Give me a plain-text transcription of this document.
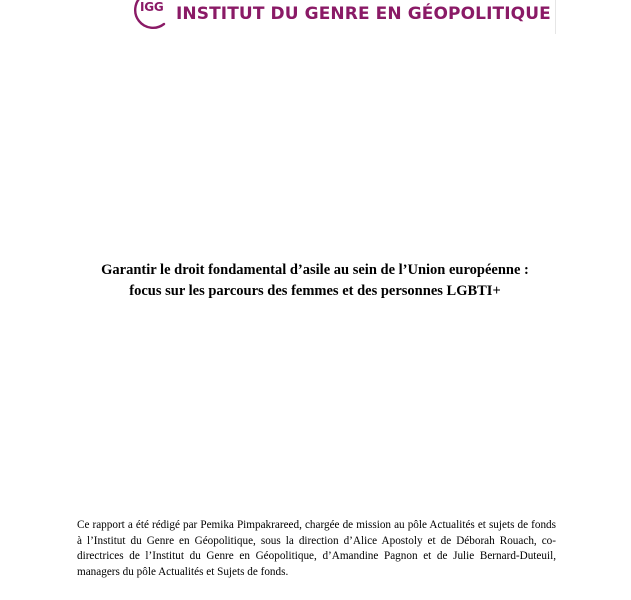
IGG INSTITUT DU GENRE EN GÉOPOLITIQUE
Garantir le droit fondamental d’asile au sein de l’Union européenne :
focus sur les parcours des femmes et des personnes LGBTI+
Ce rapport a été rédigé par Pemika Pimpakrareed, chargée de mission au pôle Actualités et sujets de fonds à l’Institut du Genre en Géopolitique, sous la direction d’Alice Apostoly et de Déborah Rouach, co-directrices de l’Institut du Genre en Géopolitique, d’Amandine Pagnon et de Julie Bernard-Duteuil, managers du pôle Actualités et Sujets de fonds.
